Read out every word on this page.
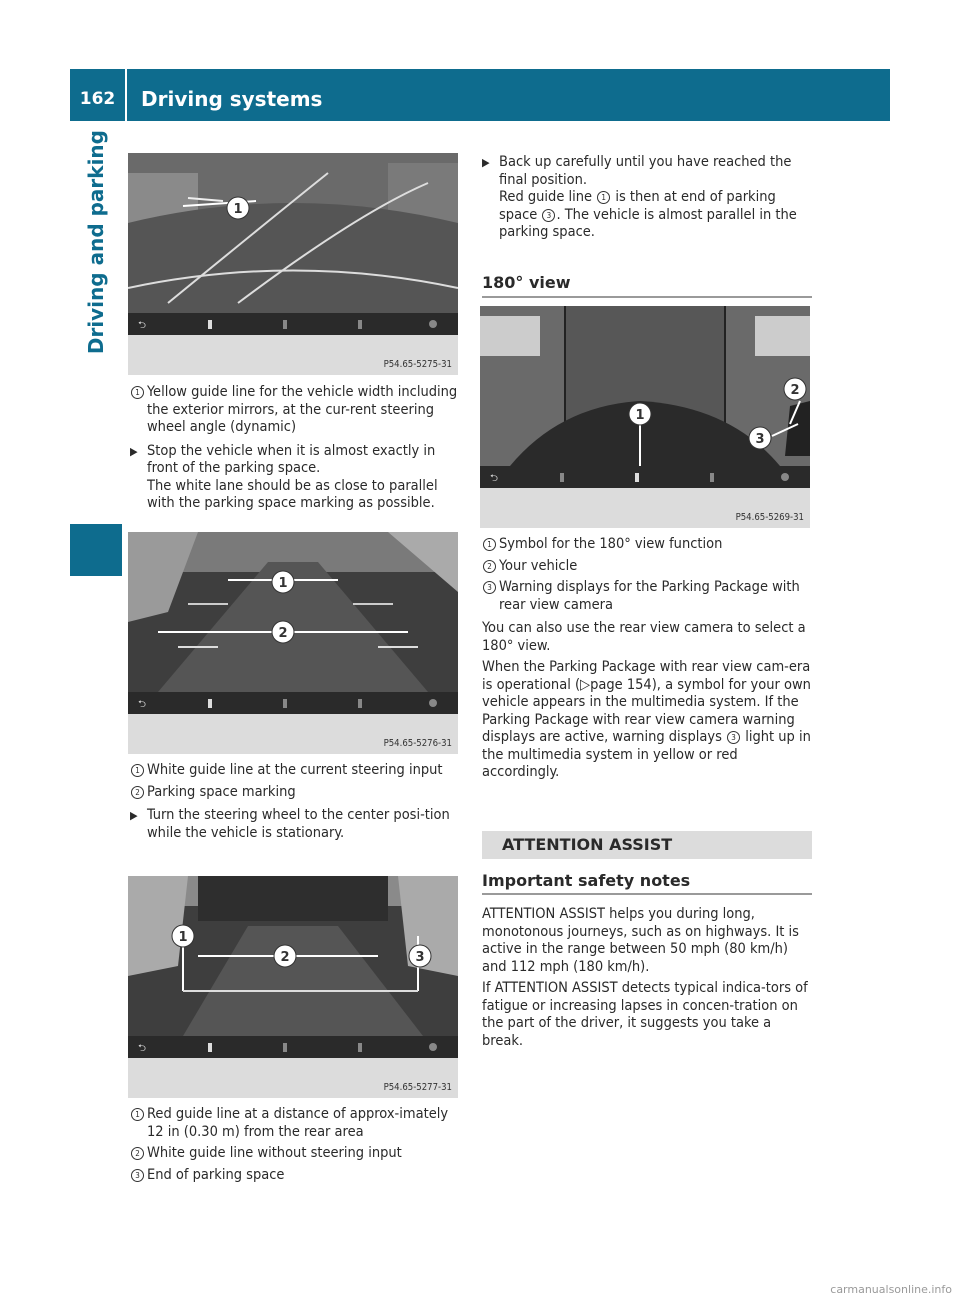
162	Driving systems
Driving and parking	1
⮌
P54.65-5275-31
1 Yellow guide line for the vehicle width including the exterior mirrors, at the cur-rent steering wheel angle (dynamic)
▶ Stop the vehicle when it is almost exactly in front of the parking space.
The white lane should be as close to parallel with the parking space marking as possible.
1
2
⮌
P54.65-5276-31
1 White guide line at the current steering input
2 Parking space marking
▶ Turn the steering wheel to the center posi-tion while the vehicle is stationary.
1
2	3
⮌
P54.65-5277-31
1 Red guide line at a distance of approx-imately 12 in (0.30 m) from the rear area
2 White guide line without steering input
3 End of parking space
▶ Back up carefully until you have reached the final position.
Red guide line 1 is then at end of parking space 3 . The vehicle is almost parallel in the parking space.
180° view
1
2
3
⮌
P54.65-5269-31
1 Symbol for the 180° view function
2 Your vehicle
3 Warning displays for the Parking Package with rear view camera

You can also use the rear view camera to select a 180° view.

When the Parking Package with rear view cam-era is operational (▷page 154), a symbol for your own vehicle appears in the multimedia system. If the Parking Package with rear view camera warning displays are active, warning displays 3 light up in the multimedia system in yellow or red accordingly.

ATTENTION ASSIST
Important safety notes

ATTENTION ASSIST helps you during long, monotonous journeys, such as on highways. It is active in the range between 50 mph (80 km/h) and 112 mph (180 km/h).

If ATTENTION ASSIST detects typical indica-tors of fatigue or increasing lapses in concen-tration on the part of the driver, it suggests you take a break.

carmanualsonline.info
